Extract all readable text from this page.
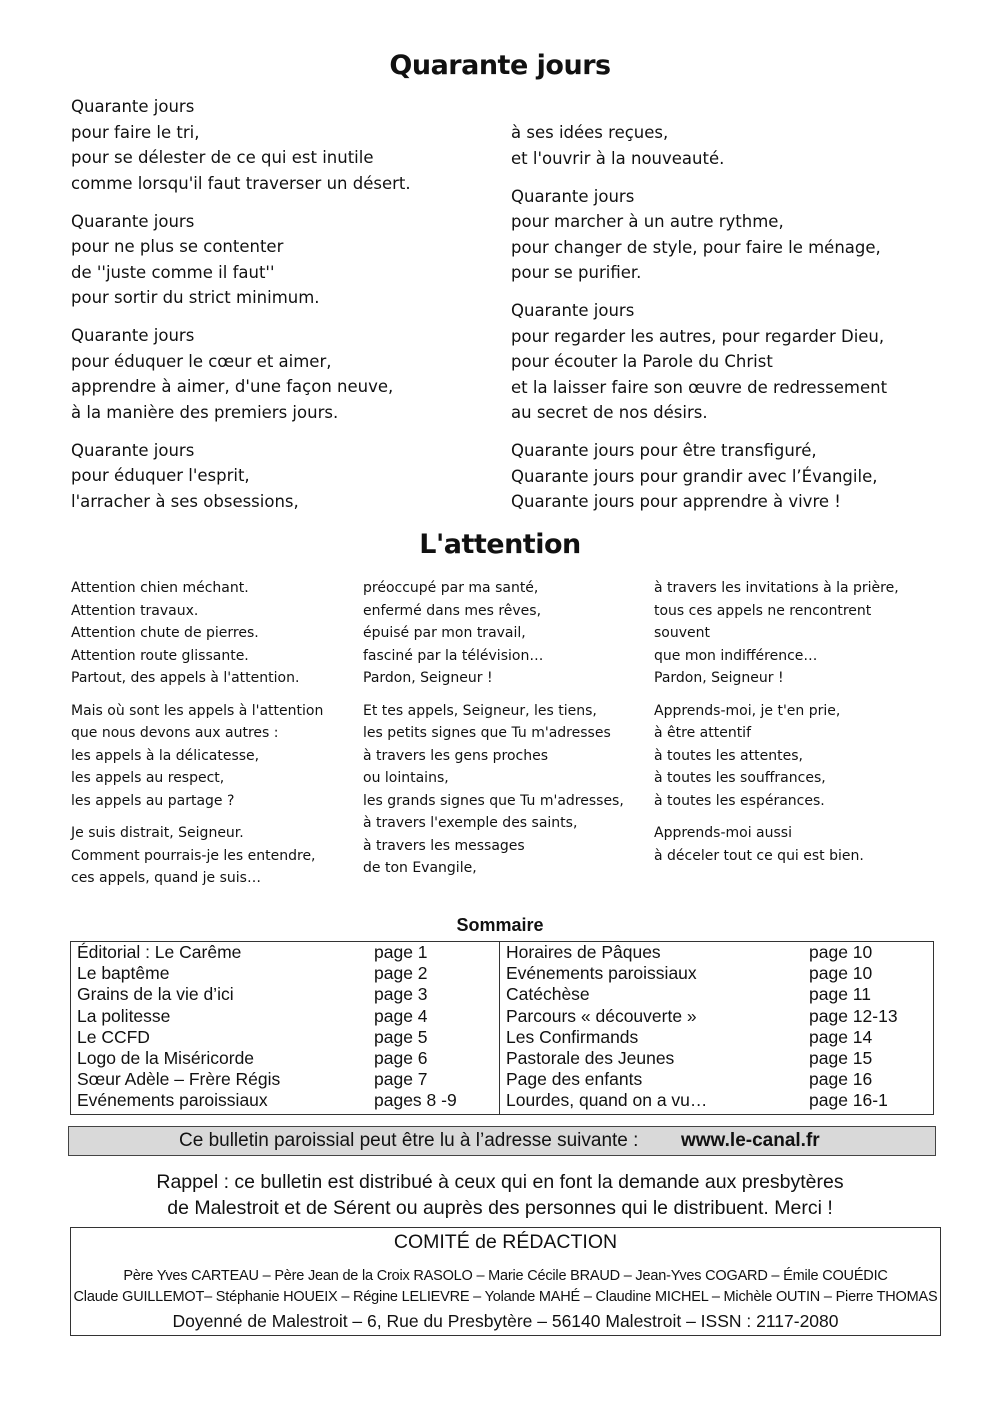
Quarante jours
Quarante jours
pour faire le tri,
pour se délester de ce qui est inutile
comme lorsqu'il faut traverser un désert.
Quarante jours
pour ne plus se contenter
de ''juste comme il faut''
pour sortir du strict minimum.
Quarante jours
pour éduquer le cœur et aimer,
apprendre à aimer, d'une façon neuve,
à la manière des premiers jours.
Quarante jours
pour éduquer l'esprit,
l'arracher à ses obsessions,
à ses idées reçues,
et l'ouvrir à la nouveauté.
Quarante jours
pour marcher à un autre rythme,
pour changer de style, pour faire le ménage,
pour se purifier.
Quarante jours
pour regarder les autres, pour regarder Dieu,
pour écouter la Parole du Christ
et la laisser faire son œuvre de redressement
au secret de nos désirs.
Quarante jours pour être transfiguré,
Quarante jours pour grandir avec l’Évangile,
Quarante jours pour apprendre à vivre !
L'attention
Attention chien méchant.
Attention travaux.
Attention chute de pierres.
Attention route glissante.
Partout, des appels à l'attention.
Mais où sont les appels à l'attention
que nous devons aux autres :
les appels à la délicatesse,
les appels au respect,
les appels au partage ?
Je suis distrait, Seigneur.
Comment pourrais-je les entendre,
ces appels, quand je suis…
préoccupé par ma santé,
enfermé dans mes rêves,
épuisé par mon travail,
fasciné par la télévision…
Pardon, Seigneur !
Et tes appels, Seigneur, les tiens,
les petits signes que Tu m'adresses
à travers les gens proches
ou lointains,
les grands signes que Tu m'adresses,
à travers l'exemple des saints,
à travers les messages
de ton Evangile,
à travers les invitations à la prière,
tous ces appels ne rencontrent
souvent
que mon indifférence…
Pardon, Seigneur !
Apprends-moi, je t'en prie,
à être attentif
à toutes les attentes,
à toutes les souffrances,
à toutes les espérances.
Apprends-moi aussi
à déceler tout ce qui est bien.
Sommaire
Éditorial : Le Carême	page 1
Le baptême	page 2
Grains de la vie d’ici	page 3
La politesse	page 4
Le CCFD	page 5
Logo de la Miséricorde	page 6
Sœur Adèle – Frère Régis	page 7
Evénements paroissiaux	pages 8 -9
Horaires de Pâques	page 10
Evénements paroissiaux	page 10
Catéchèse	page 11
Parcours « découverte »	page 12-13
Les Confirmands	page 14
Pastorale des Jeunes	page 15
Page des enfants	page 16
Lourdes, quand on a vu…	page 16-1
Ce bulletin paroissial peut être lu à l’adresse suivante : www.le-canal.fr
Rappel : ce bulletin est distribué à ceux qui en font la demande aux presbytères
de Malestroit et de Sérent ou auprès des personnes qui le distribuent. Merci !
COMITÉ de RÉDACTION
Père Yves CARTEAU – Père Jean de la Croix RASOLO – Marie Cécile BRAUD – Jean-Yves COGARD – Émile COUÉDIC
Claude GUILLEMOT– Stéphanie HOUEIX – Régine LELIEVRE – Yolande MAHÉ – Claudine MICHEL – Michèle OUTIN – Pierre THOMAS
Doyenné de Malestroit – 6, Rue du Presbytère – 56140 Malestroit – ISSN : 2117-2080
